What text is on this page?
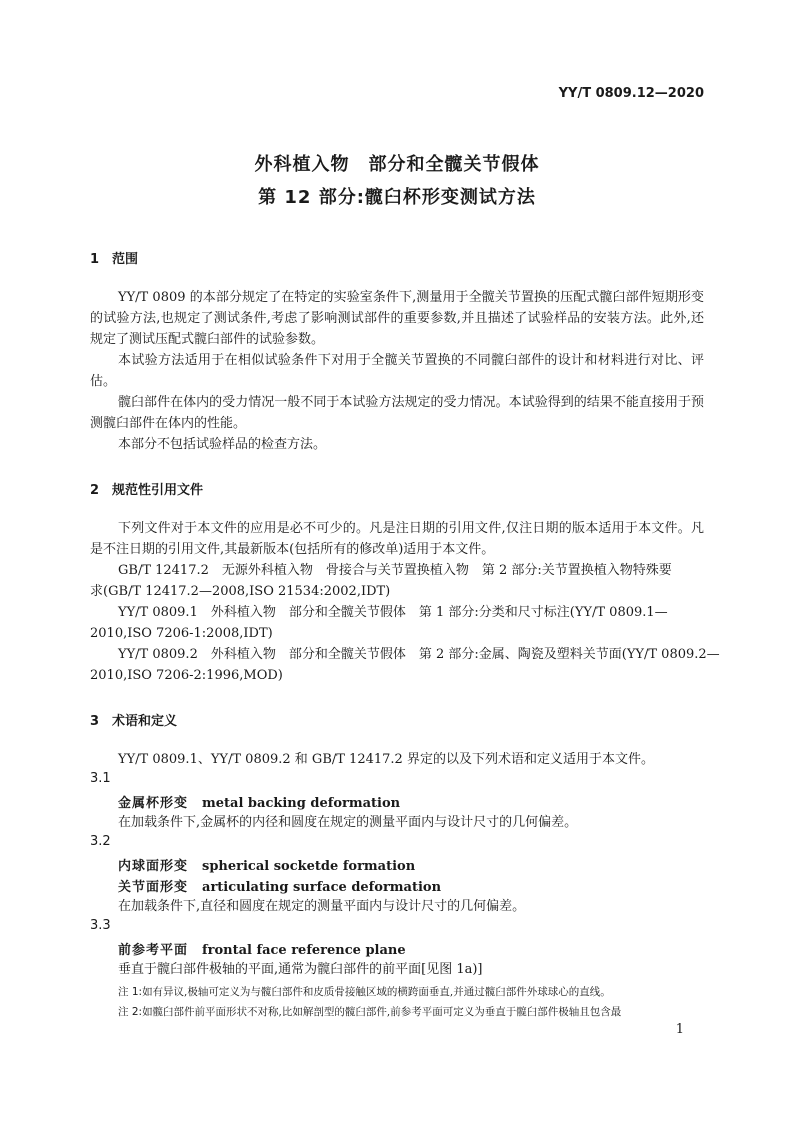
YY/T 0809.12—2020
外科植入物　部分和全髋关节假体
第 12 部分:髋臼杯形变测试方法
1 范围
YY/T 0809 的本部分规定了在特定的实验室条件下,测量用于全髋关节置换的压配式髋臼部件短期形变的试验方法,也规定了测试条件,考虑了影响测试部件的重要参数,并且描述了试验样品的安装方法。此外,还规定了测试压配式髋臼部件的试验参数。
本试验方法适用于在相似试验条件下对用于全髋关节置换的不同髋臼部件的设计和材料进行对比、评估。
髋臼部件在体内的受力情况一般不同于本试验方法规定的受力情况。本试验得到的结果不能直接用于预测髋臼部件在体内的性能。
本部分不包括试验样品的检查方法。
2 规范性引用文件
下列文件对于本文件的应用是必不可少的。凡是注日期的引用文件,仅注日期的版本适用于本文件。凡是不注日期的引用文件,其最新版本(包括所有的修改单)适用于本文件。
GB/T 12417.2　无源外科植入物　骨接合与关节置换植入物　第 2 部分:关节置换植入物特殊要
求(GB/T 12417.2—2008,ISO 21534:2002,IDT)
YY/T 0809.1　外科植入物　部分和全髋关节假体　第 1 部分:分类和尺寸标注(YY/T 0809.1—
2010,ISO 7206-1:2008,IDT)
YY/T 0809.2　外科植入物　部分和全髋关节假体　第 2 部分:金属、陶瓷及塑料关节面(YY/T 0809.2—
2010,ISO 7206-2:1996,MOD)
3 术语和定义
YY/T 0809.1、YY/T 0809.2 和 GB/T 12417.2 界定的以及下列术语和定义适用于本文件。
3.1
金属杯形变 metal backing deformation
在加载条件下,金属杯的内径和圆度在规定的测量平面内与设计尺寸的几何偏差。
3.2
内球面形变 spherical socketde formation
关节面形变 articulating surface deformation
在加载条件下,直径和圆度在规定的测量平面内与设计尺寸的几何偏差。
3.3
前参考平面 frontal face reference plane
垂直于髋臼部件极轴的平面,通常为髋臼部件的前平面[见图 1a)]
注 1:如有异议,极轴可定义为与髋臼部件和皮质骨接触区域的横跨面垂直,并通过髋臼部件外球球心的直线。
注 2:如髋臼部件前平面形状不对称,比如解剖型的髋臼部件,前参考平面可定义为垂直于髋臼部件极轴且包含最
1
